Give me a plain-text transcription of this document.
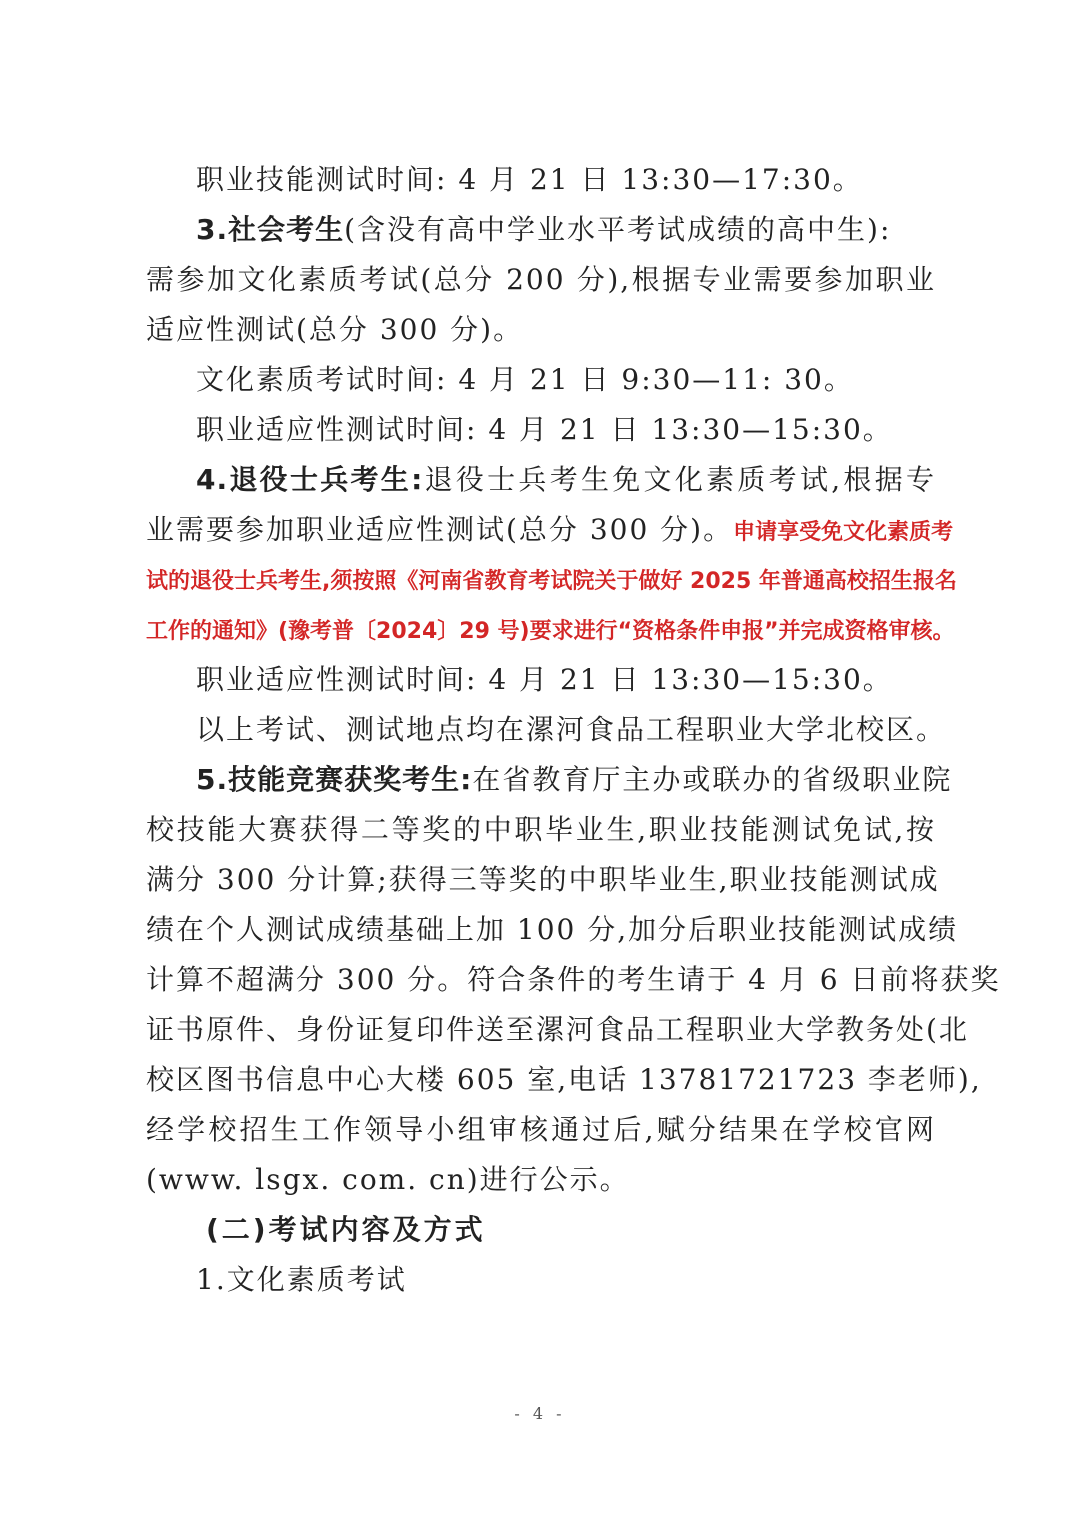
职业技能测试时间: 4 月 21 日 13:30—17:30。
3.社会考生(含没有高中学业水平考试成绩的高中生):
需参加文化素质考试(总分 200 分),根据专业需要参加职业
适应性测试(总分 300 分)。
文化素质考试时间: 4 月 21 日 9:30—11: 30。
职业适应性测试时间: 4 月 21 日 13:30—15:30。
4.退役士兵考生:退役士兵考生免文化素质考试,根据专
业需要参加职业适应性测试(总分 300 分)。申请享受免文化素质考
试的退役士兵考生,须按照《河南省教育考试院关于做好 2025 年普通高校招生报名
工作的通知》(豫考普〔2024〕29 号)要求进行“资格条件申报”并完成资格审核。
职业适应性测试时间: 4 月 21 日 13:30—15:30。
以上考试、测试地点均在漯河食品工程职业大学北校区。
5.技能竞赛获奖考生:在省教育厅主办或联办的省级职业院
校技能大赛获得二等奖的中职毕业生,职业技能测试免试,按
满分 300 分计算;获得三等奖的中职毕业生,职业技能测试成
绩在个人测试成绩基础上加 100 分,加分后职业技能测试成绩
计算不超满分 300 分。符合条件的考生请于 4 月 6 日前将获奖
证书原件、身份证复印件送至漯河食品工程职业大学教务处(北
校区图书信息中心大楼 605 室,电话 13781721723 李老师),
经学校招生工作领导小组审核通过后,赋分结果在学校官网
(www. lsgx. com. cn)进行公示。
(二)考试内容及方式
1.文化素质考试
- 4 -
